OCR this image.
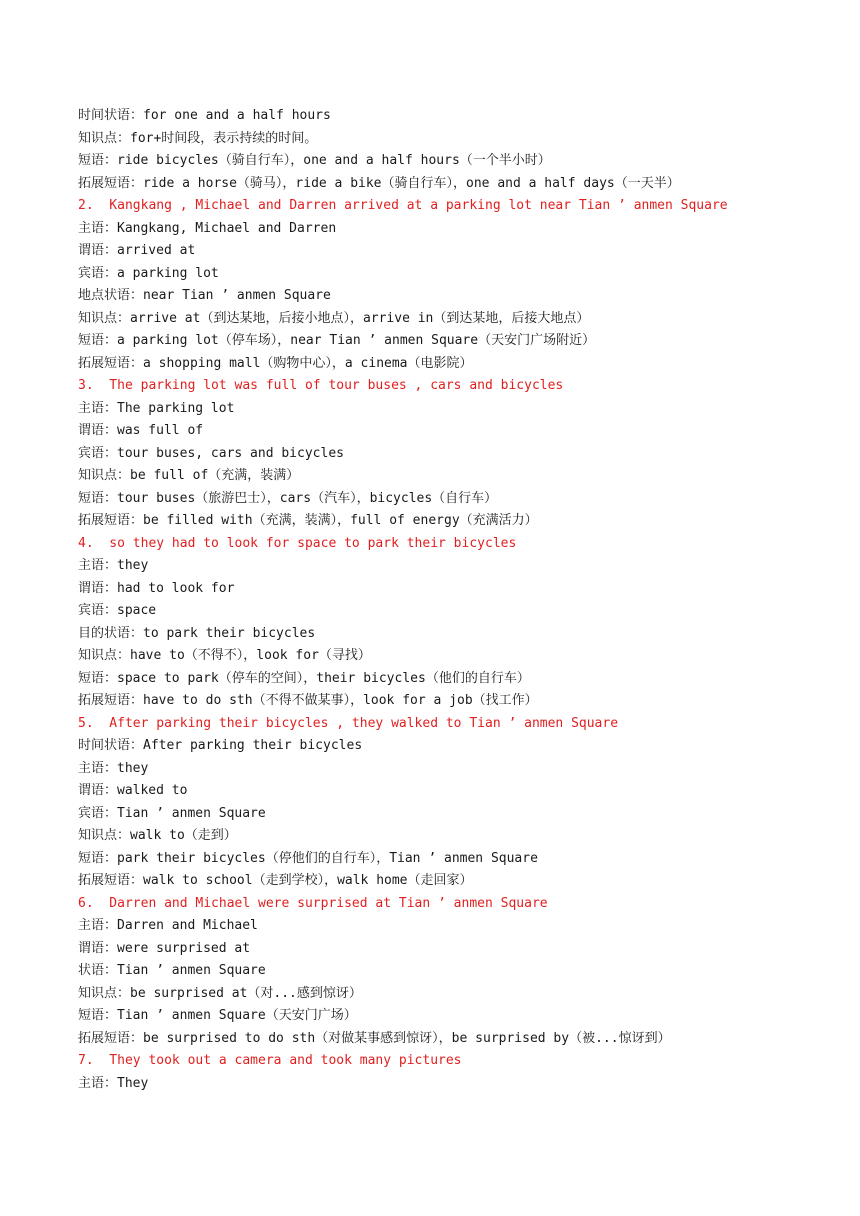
时间状语：for one and a half hours
知识点：for+时间段，表示持续的时间。
短语：ride bicycles（骑自行车），one and a half hours（一个半小时）
拓展短语：ride a horse（骑马），ride a bike（骑自行车），one and a half days（一天半）
2.  Kangkang , Michael and Darren arrived at a parking lot near Tian ’ anmen Square
主语：Kangkang, Michael and Darren
谓语：arrived at
宾语：a parking lot
地点状语：near Tian ’ anmen Square
知识点：arrive at（到达某地，后接小地点），arrive in（到达某地，后接大地点）
短语：a parking lot（停车场），near Tian ’ anmen Square（天安门广场附近）
拓展短语：a shopping mall（购物中心），a cinema（电影院）
3.  The parking lot was full of tour buses , cars and bicycles
主语：The parking lot
谓语：was full of
宾语：tour buses, cars and bicycles
知识点：be full of（充满，装满）
短语：tour buses（旅游巴士），cars（汽车），bicycles（自行车）
拓展短语：be filled with（充满，装满），full of energy（充满活力）
4.  so they had to look for space to park their bicycles
主语：they
谓语：had to look for
宾语：space
目的状语：to park their bicycles
知识点：have to（不得不），look for（寻找）
短语：space to park（停车的空间），their bicycles（他们的自行车）
拓展短语：have to do sth（不得不做某事），look for a job（找工作）
5.  After parking their bicycles , they walked to Tian ’ anmen Square
时间状语：After parking their bicycles
主语：they
谓语：walked to
宾语：Tian ’ anmen Square
知识点：walk to（走到）
短语：park their bicycles（停他们的自行车），Tian ’ anmen Square
拓展短语：walk to school（走到学校），walk home（走回家）
6.  Darren and Michael were surprised at Tian ’ anmen Square
主语：Darren and Michael
谓语：were surprised at
状语：Tian ’ anmen Square
知识点：be surprised at（对...感到惊讶）
短语：Tian ’ anmen Square（天安门广场）
拓展短语：be surprised to do sth（对做某事感到惊讶），be surprised by（被...惊讶到）
7.  They took out a camera and took many pictures
主语：They
